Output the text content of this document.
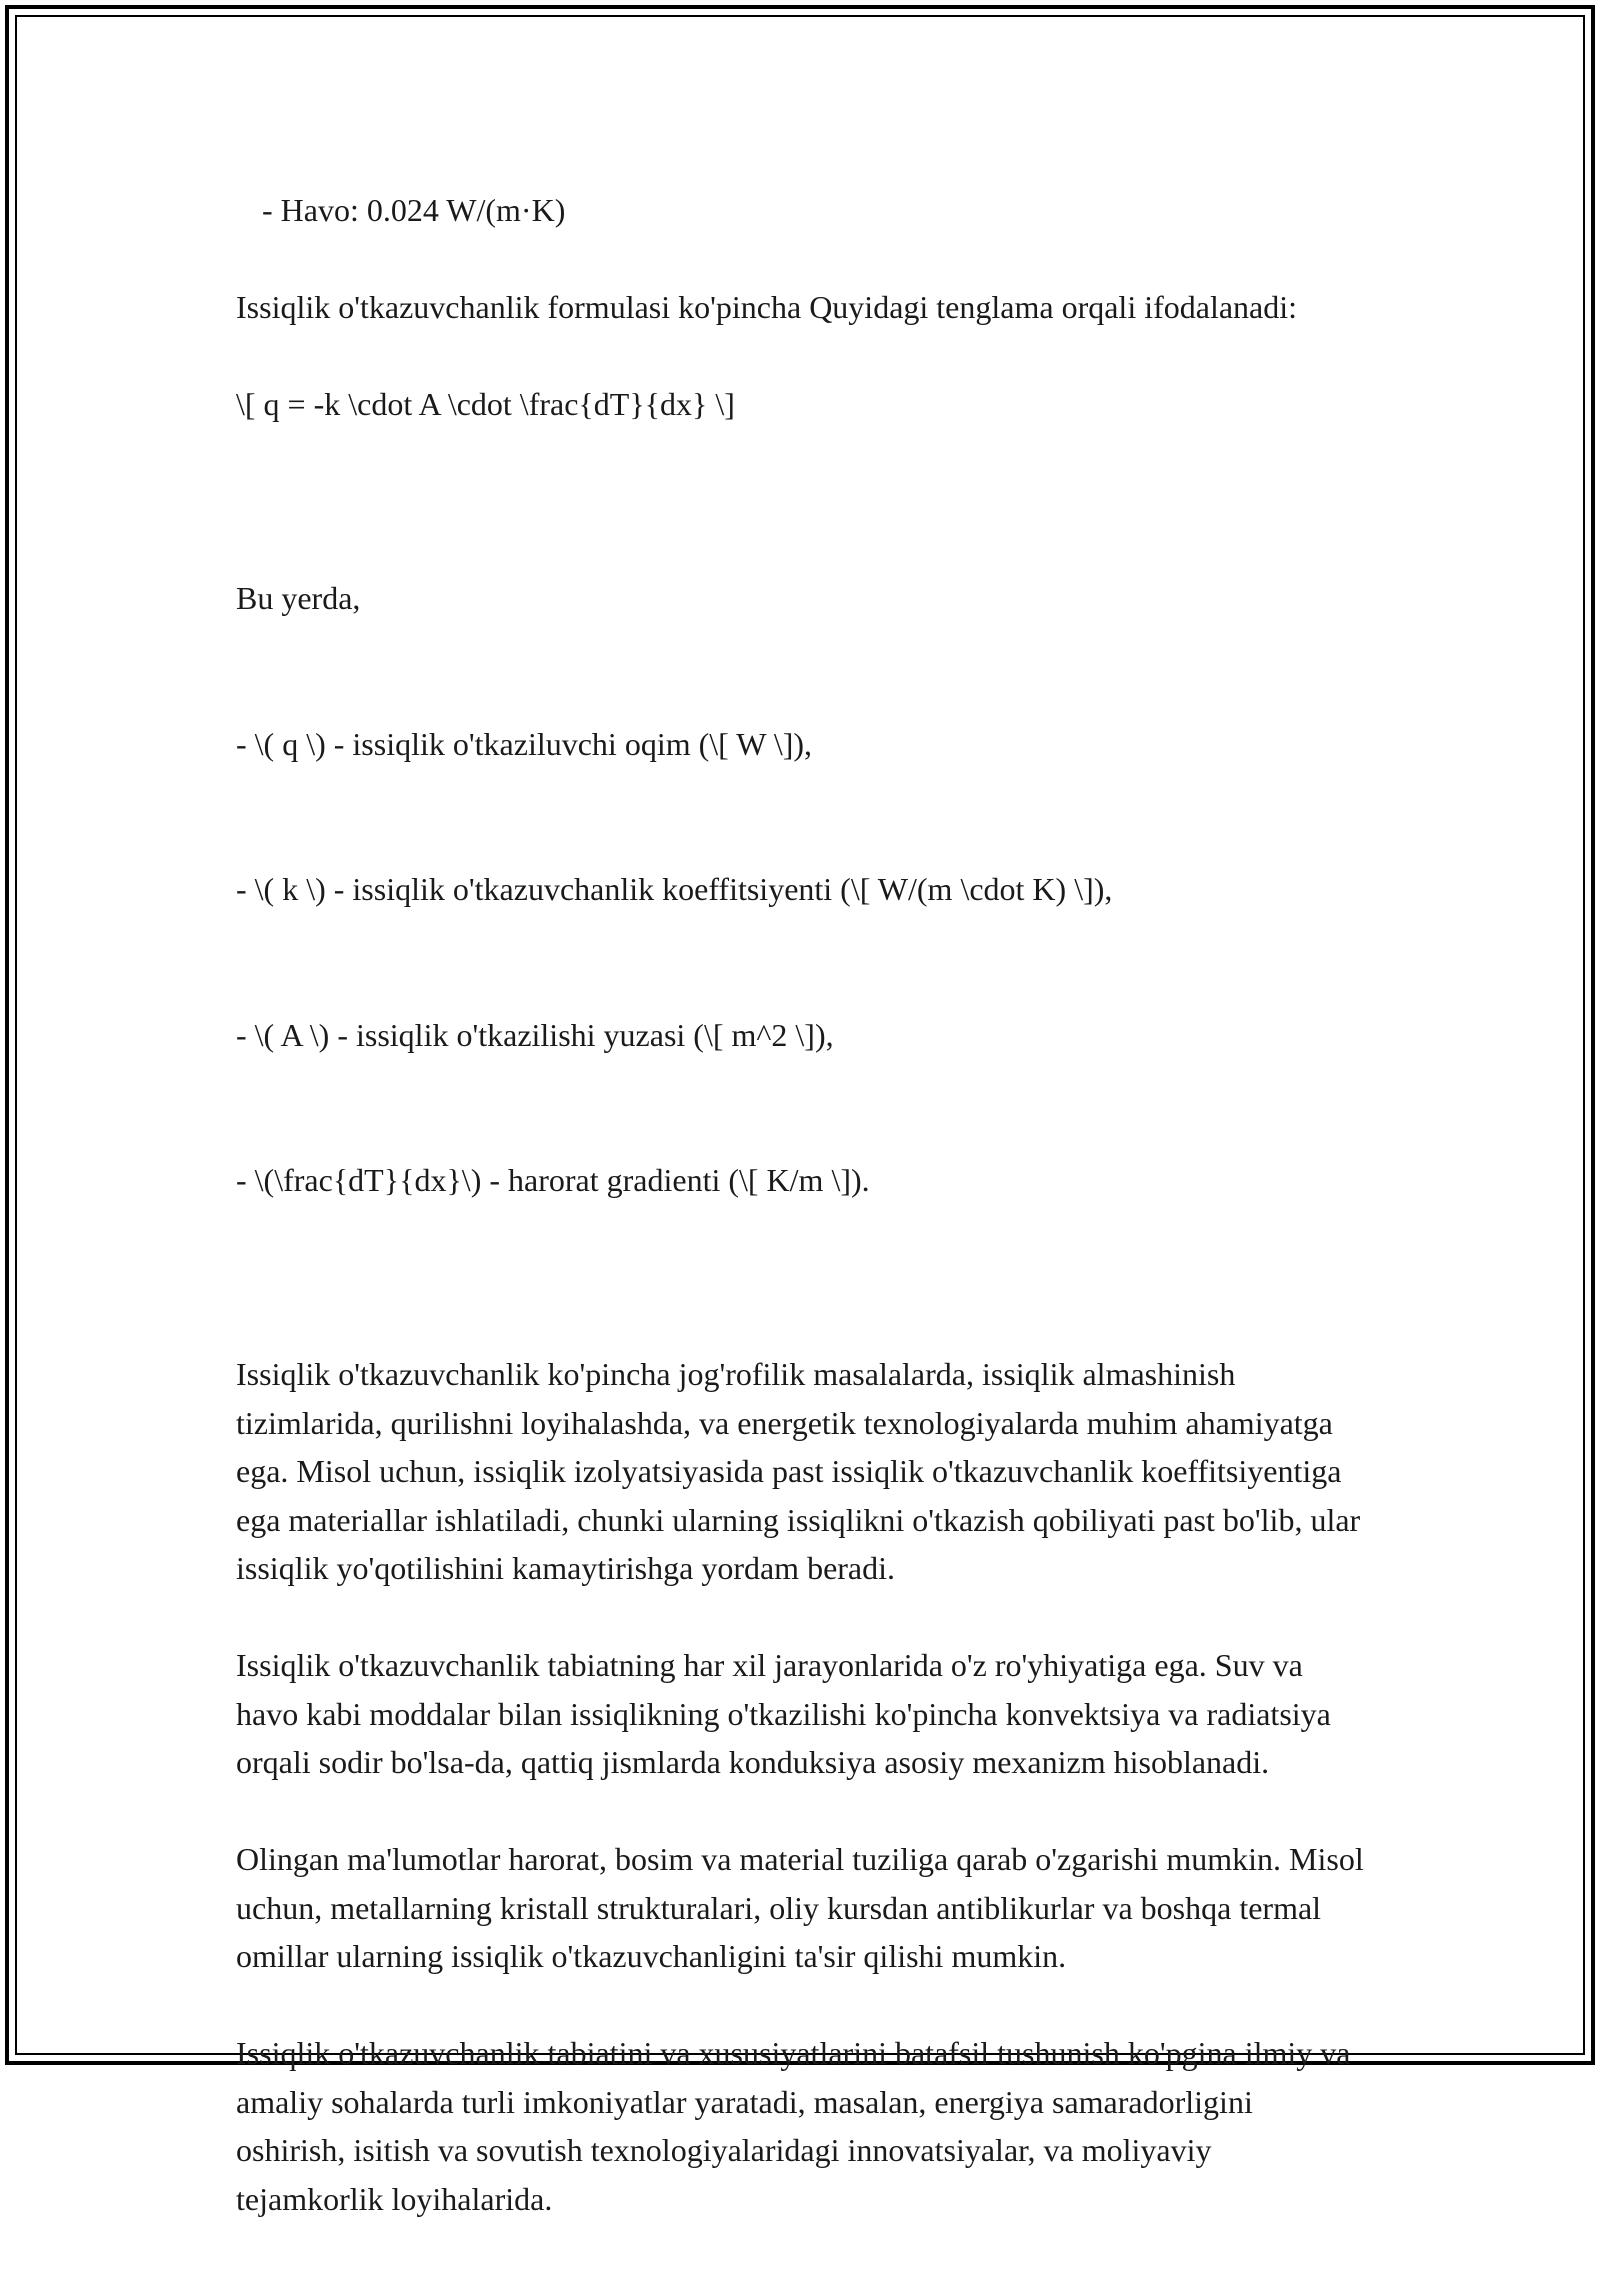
- Havo: 0.024 W/(m·K)

Issiqlik o'tkazuvchanlik formulasi ko'pincha Quyidagi tenglama orqali ifodalanadi:

\[ q = -k \cdot A \cdot \frac{dT}{dx} \]

Bu yerda,

- \( q \) - issiqlik o'tkaziluvchi oqim (\[ W \]),

- \( k \) - issiqlik o'tkazuvchanlik koeffitsiyenti (\[ W/(m \cdot K) \]),

- \( A \) - issiqlik o'tkazilishi yuzasi (\[ m^2 \]),

- \(\frac{dT}{dx}\) - harorat gradienti (\[ K/m \]).

Issiqlik o'tkazuvchanlik ko'pincha jog'rofilik masalalarda, issiqlik almashinish tizimlarida, qurilishni loyihalashda, va energetik texnologiyalarda muhim ahamiyatga ega. Misol uchun, issiqlik izolyatsiyasida past issiqlik o'tkazuvchanlik koeffitsiyentiga ega materiallar ishlatiladi, chunki ularning issiqlikni o'tkazish qobiliyati past bo'lib, ular issiqlik yo'qotilishini kamaytirishga yordam beradi.

Issiqlik o'tkazuvchanlik tabiatning har xil jarayonlarida o'z ro'yhiyatiga ega. Suv va havo kabi moddalar bilan issiqlikning o'tkazilishi ko'pincha konvektsiya va radiatsiya orqali sodir bo'lsa-da, qattiq jismlarda konduksiya asosiy mexanizm hisoblanadi.

Olingan ma'lumotlar harorat, bosim va material tuziliga qarab o'zgarishi mumkin. Misol uchun, metallarning kristall strukturalari, oliy kursdan antiblikurlar va boshqa termal omillar ularning issiqlik o'tkazuvchanligini ta'sir qilishi mumkin.

Issiqlik o'tkazuvchanlik tabiatini va xususiyatlarini batafsil tushunish ko'pgina ilmiy va amaliy sohalarda turli imkoniyatlar yaratadi, masalan, energiya samaradorligini oshirish, isitish va sovutish texnologiyalaridagi innovatsiyalar, va moliyaviy tejamkorlik loyihalarida.
